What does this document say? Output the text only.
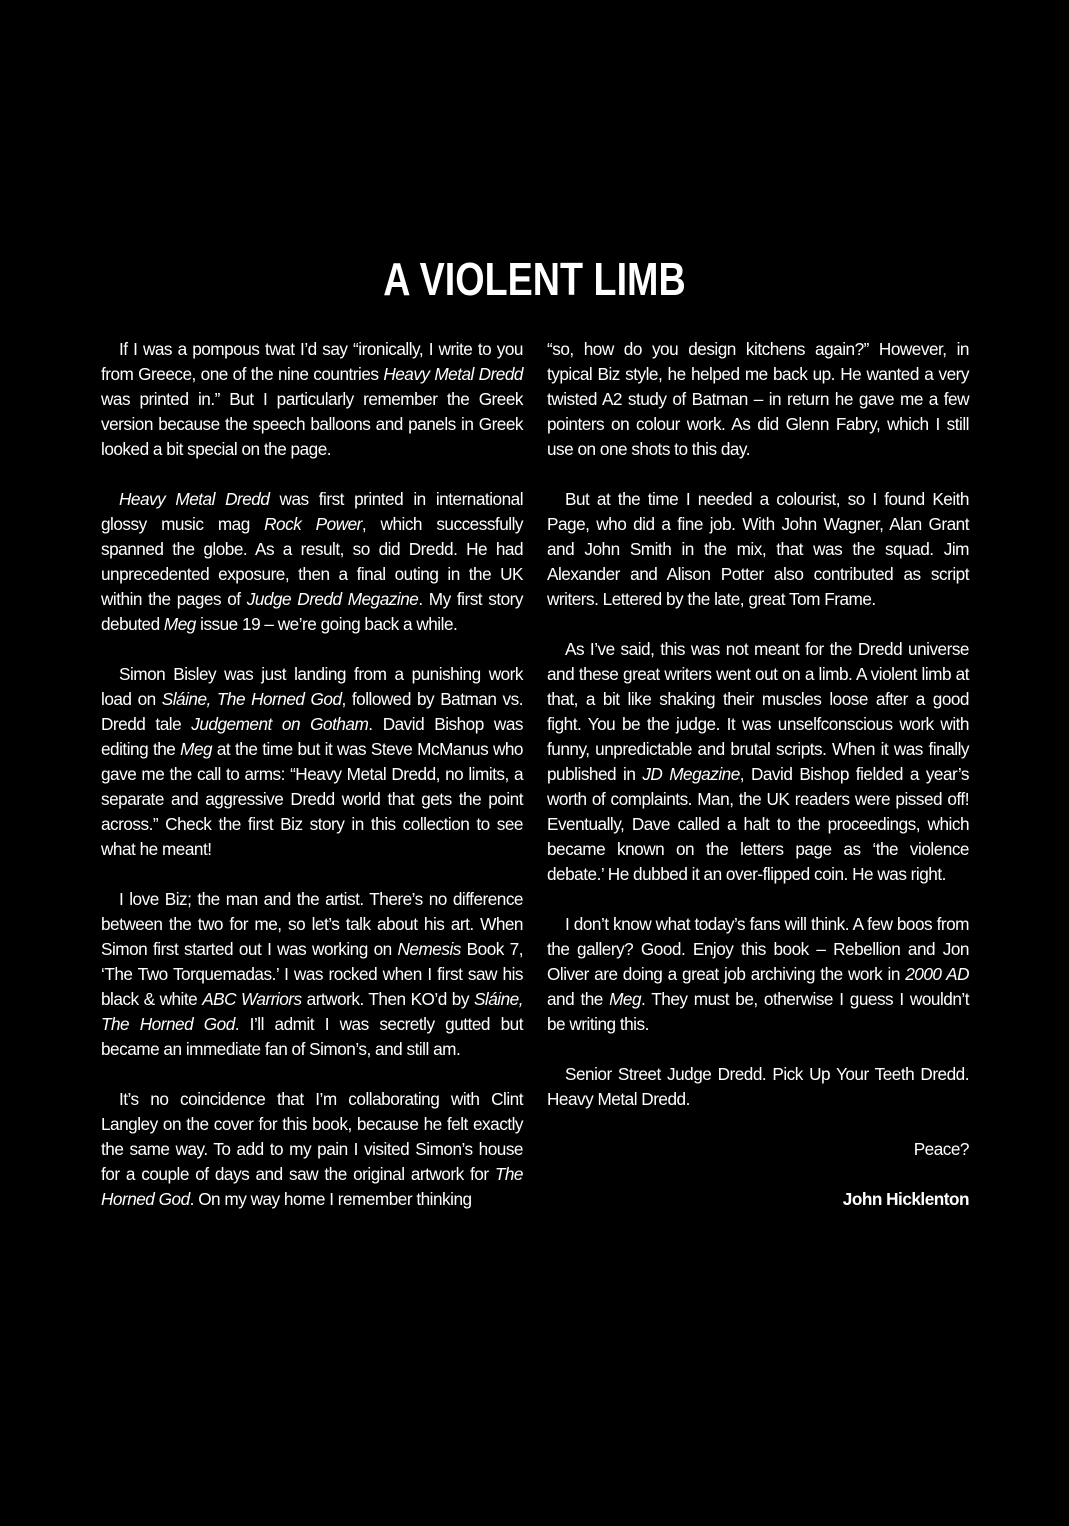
A VIOLENT LIMB

If I was a pompous twat I’d say “ironically, I write to you from Greece, one of the nine countries Heavy Metal Dredd was printed in.” But I particularly remember the Greek version because the speech balloons and panels in Greek looked a bit special on the page.

Heavy Metal Dredd was first printed in international glossy music mag Rock Power, which successfully spanned the globe. As a result, so did Dredd. He had unprecedented exposure, then a final outing in the UK within the pages of Judge Dredd Megazine. My first story debuted Meg issue 19 – we’re going back a while.

Simon Bisley was just landing from a punishing work load on Sláine, The Horned God, followed by Batman vs. Dredd tale Judgement on Gotham. David Bishop was editing the Meg at the time but it was Steve McManus who gave me the call to arms: “Heavy Metal Dredd, no limits, a separate and aggressive Dredd world that gets the point across.” Check the first Biz story in this collection to see what he meant!

I love Biz; the man and the artist. There’s no difference between the two for me, so let’s talk about his art. When Simon first started out I was working on Nemesis Book 7, ‘The Two Torquemadas.’ I was rocked when I first saw his black & white ABC Warriors artwork. Then KO’d by Sláine, The Horned God. I’ll admit I was secretly gutted but became an immediate fan of Simon’s, and still am.

It’s no coincidence that I’m collaborating with Clint Langley on the cover for this book, because he felt exactly the same way. To add to my pain I visited Simon’s house for a couple of days and saw the original artwork for The Horned God. On my way home I remember thinking

“so, how do you design kitchens again?” However, in typical Biz style, he helped me back up. He wanted a very twisted A2 study of Batman – in return he gave me a few pointers on colour work. As did Glenn Fabry, which I still use on one shots to this day.

But at the time I needed a colourist, so I found Keith Page, who did a fine job. With John Wagner, Alan Grant and John Smith in the mix, that was the squad. Jim Alexander and Alison Potter also contributed as script writers. Lettered by the late, great Tom Frame.

As I’ve said, this was not meant for the Dredd universe and these great writers went out on a limb. A violent limb at that, a bit like shaking their muscles loose after a good fight. You be the judge. It was unselfconscious work with funny, unpredictable and brutal scripts. When it was finally published in JD Megazine, David Bishop fielded a year’s worth of complaints. Man, the UK readers were pissed off! Eventually, Dave called a halt to the proceedings, which became known on the letters page as ‘the violence debate.’ He dubbed it an over-flipped coin. He was right.

I don’t know what today’s fans will think. A few boos from the gallery? Good. Enjoy this book – Rebellion and Jon Oliver are doing a great job archiving the work in 2000 AD and the Meg. They must be, otherwise I guess I wouldn’t be writing this.

Senior Street Judge Dredd. Pick Up Your Teeth Dredd. Heavy Metal Dredd.

Peace?

John Hicklenton
